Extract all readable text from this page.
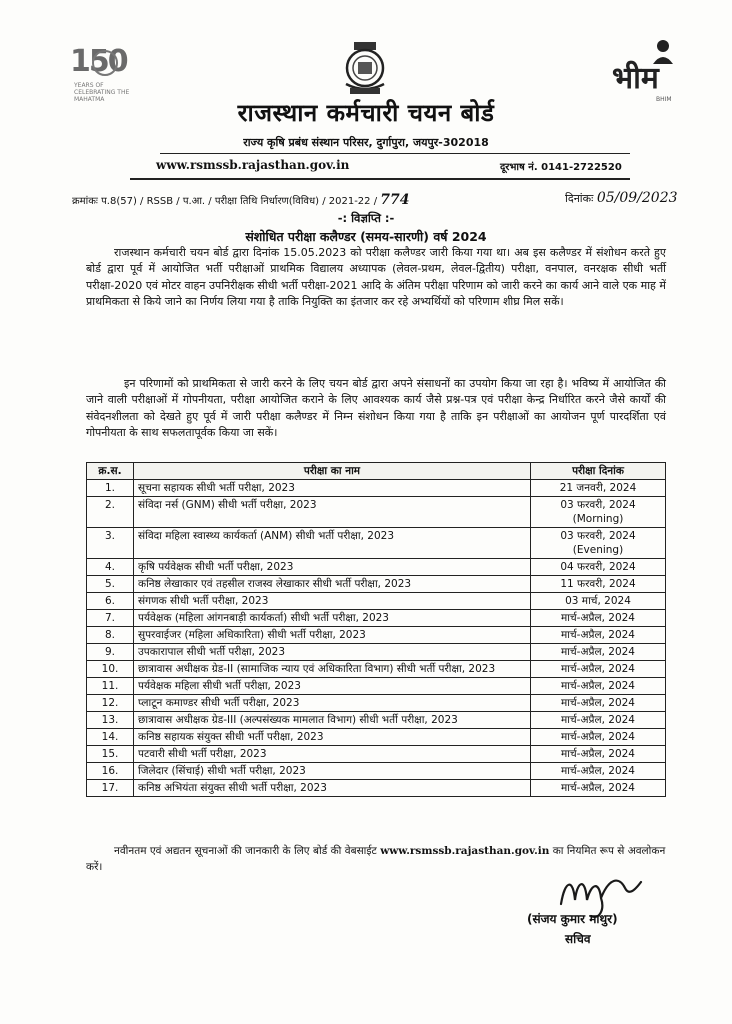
150
YEARS OF CELEBRATING THE MAHATMA
भीम
BHIM
राजस्थान कर्मचारी चयन बोर्ड
राज्य कृषि प्रबंध संस्थान परिसर, दुर्गापुरा, जयपुर-302018
www.rsmssb.rajasthan.gov.in	दूरभाष नं. 0141-2722520
क्रमांकः प.8(57) / RSSB / प.आ. / परीक्षा तिथि निर्धारण(विविध) / 2021-22 / 774	दिनांकः 05/09/2023
-: विज्ञप्ति :-
संशोधित परीक्षा कलैण्डर (समय-सारणी) वर्ष 2024
राजस्थान कर्मचारी चयन बोर्ड द्वारा दिनांक 15.05.2023 को परीक्षा कलैण्डर जारी किया गया था। अब इस कलैण्डर में संशोधन करते हुए बोर्ड द्वारा पूर्व में आयोजित भर्ती परीक्षाओं प्राथमिक विद्यालय अध्यापक (लेवल-प्रथम, लेवल-द्वितीय) परीक्षा, वनपाल, वनरक्षक सीधी भर्ती परीक्षा-2020 एवं मोटर वाहन उपनिरीक्षक सीधी भर्ती परीक्षा-2021 आदि के अंतिम परीक्षा परिणाम को जारी करने का कार्य आने वाले एक माह में प्राथमिकता से किये जाने का निर्णय लिया गया है ताकि नियुक्ति का इंतजार कर रहे अभ्यर्थियों को परिणाम शीघ्र मिल सकें।
इन परिणामों को प्राथमिकता से जारी करने के लिए चयन बोर्ड द्वारा अपने संसाधनों का उपयोग किया जा रहा है। भविष्य में आयोजित की जाने वाली परीक्षाओं में गोपनीयता, परीक्षा आयोजित कराने के लिए आवश्यक कार्य जैसे प्रश्न-पत्र एवं परीक्षा केन्द्र निर्धारित करने जैसे कार्यों की संवेदनशीलता को देखते हुए पूर्व में जारी परीक्षा कलैण्डर में निम्न संशोधन किया गया है ताकि इन परीक्षाओं का आयोजन पूर्ण पारदर्शिता एवं गोपनीयता के साथ सफलतापूर्वक किया जा सकें।
क्र.स.	परीक्षा का नाम	परीक्षा दिनांक
1.	सूचना सहायक सीधी भर्ती परीक्षा, 2023	21 जनवरी, 2024
2.	संविदा नर्स (GNM) सीधी भर्ती परीक्षा, 2023	03 फरवरी, 2024 (Morning)
3.	संविदा महिला स्वास्थ्य कार्यकर्ता (ANM) सीधी भर्ती परीक्षा, 2023	03 फरवरी, 2024 (Evening)
4.	कृषि पर्यवेक्षक सीधी भर्ती परीक्षा, 2023	04 फरवरी, 2024
5.	कनिष्ठ लेखाकार एवं तहसील राजस्व लेखाकार सीधी भर्ती परीक्षा, 2023	11 फरवरी, 2024
6.	संगणक सीधी भर्ती परीक्षा, 2023	03 मार्च, 2024
7.	पर्यवेक्षक (महिला आंगनबाड़ी कार्यकर्ता) सीधी भर्ती परीक्षा, 2023	मार्च-अप्रैल, 2024
8.	सुपरवाईजर (महिला अधिकारिता) सीधी भर्ती परीक्षा, 2023	मार्च-अप्रैल, 2024
9.	उपकारापाल सीधी भर्ती परीक्षा, 2023	मार्च-अप्रैल, 2024
10.	छात्रावास अधीक्षक ग्रेड-II (सामाजिक न्याय एवं अधिकारिता विभाग) सीधी भर्ती परीक्षा, 2023	मार्च-अप्रैल, 2024
11.	पर्यवेक्षक महिला सीधी भर्ती परीक्षा, 2023	मार्च-अप्रैल, 2024
12.	प्लाटून कमाण्डर सीधी भर्ती परीक्षा, 2023	मार्च-अप्रैल, 2024
13.	छात्रावास अधीक्षक ग्रेड-III (अल्पसंख्यक मामलात विभाग) सीधी भर्ती परीक्षा, 2023	मार्च-अप्रैल, 2024
14.	कनिष्ठ सहायक संयुक्त सीधी भर्ती परीक्षा, 2023	मार्च-अप्रैल, 2024
15.	पटवारी सीधी भर्ती परीक्षा, 2023	मार्च-अप्रैल, 2024
16.	जिलेदार (सिंचाई) सीधी भर्ती परीक्षा, 2023	मार्च-अप्रैल, 2024
17.	कनिष्ठ अभियंता संयुक्त सीधी भर्ती परीक्षा, 2023	मार्च-अप्रैल, 2024
नवीनतम एवं अद्यतन सूचनाओं की जानकारी के लिए बोर्ड की वेबसाईट www.rsmssb.rajasthan.gov.in का नियमित रूप से अवलोकन करें।
(संजय कुमार माथुर)
सचिव
